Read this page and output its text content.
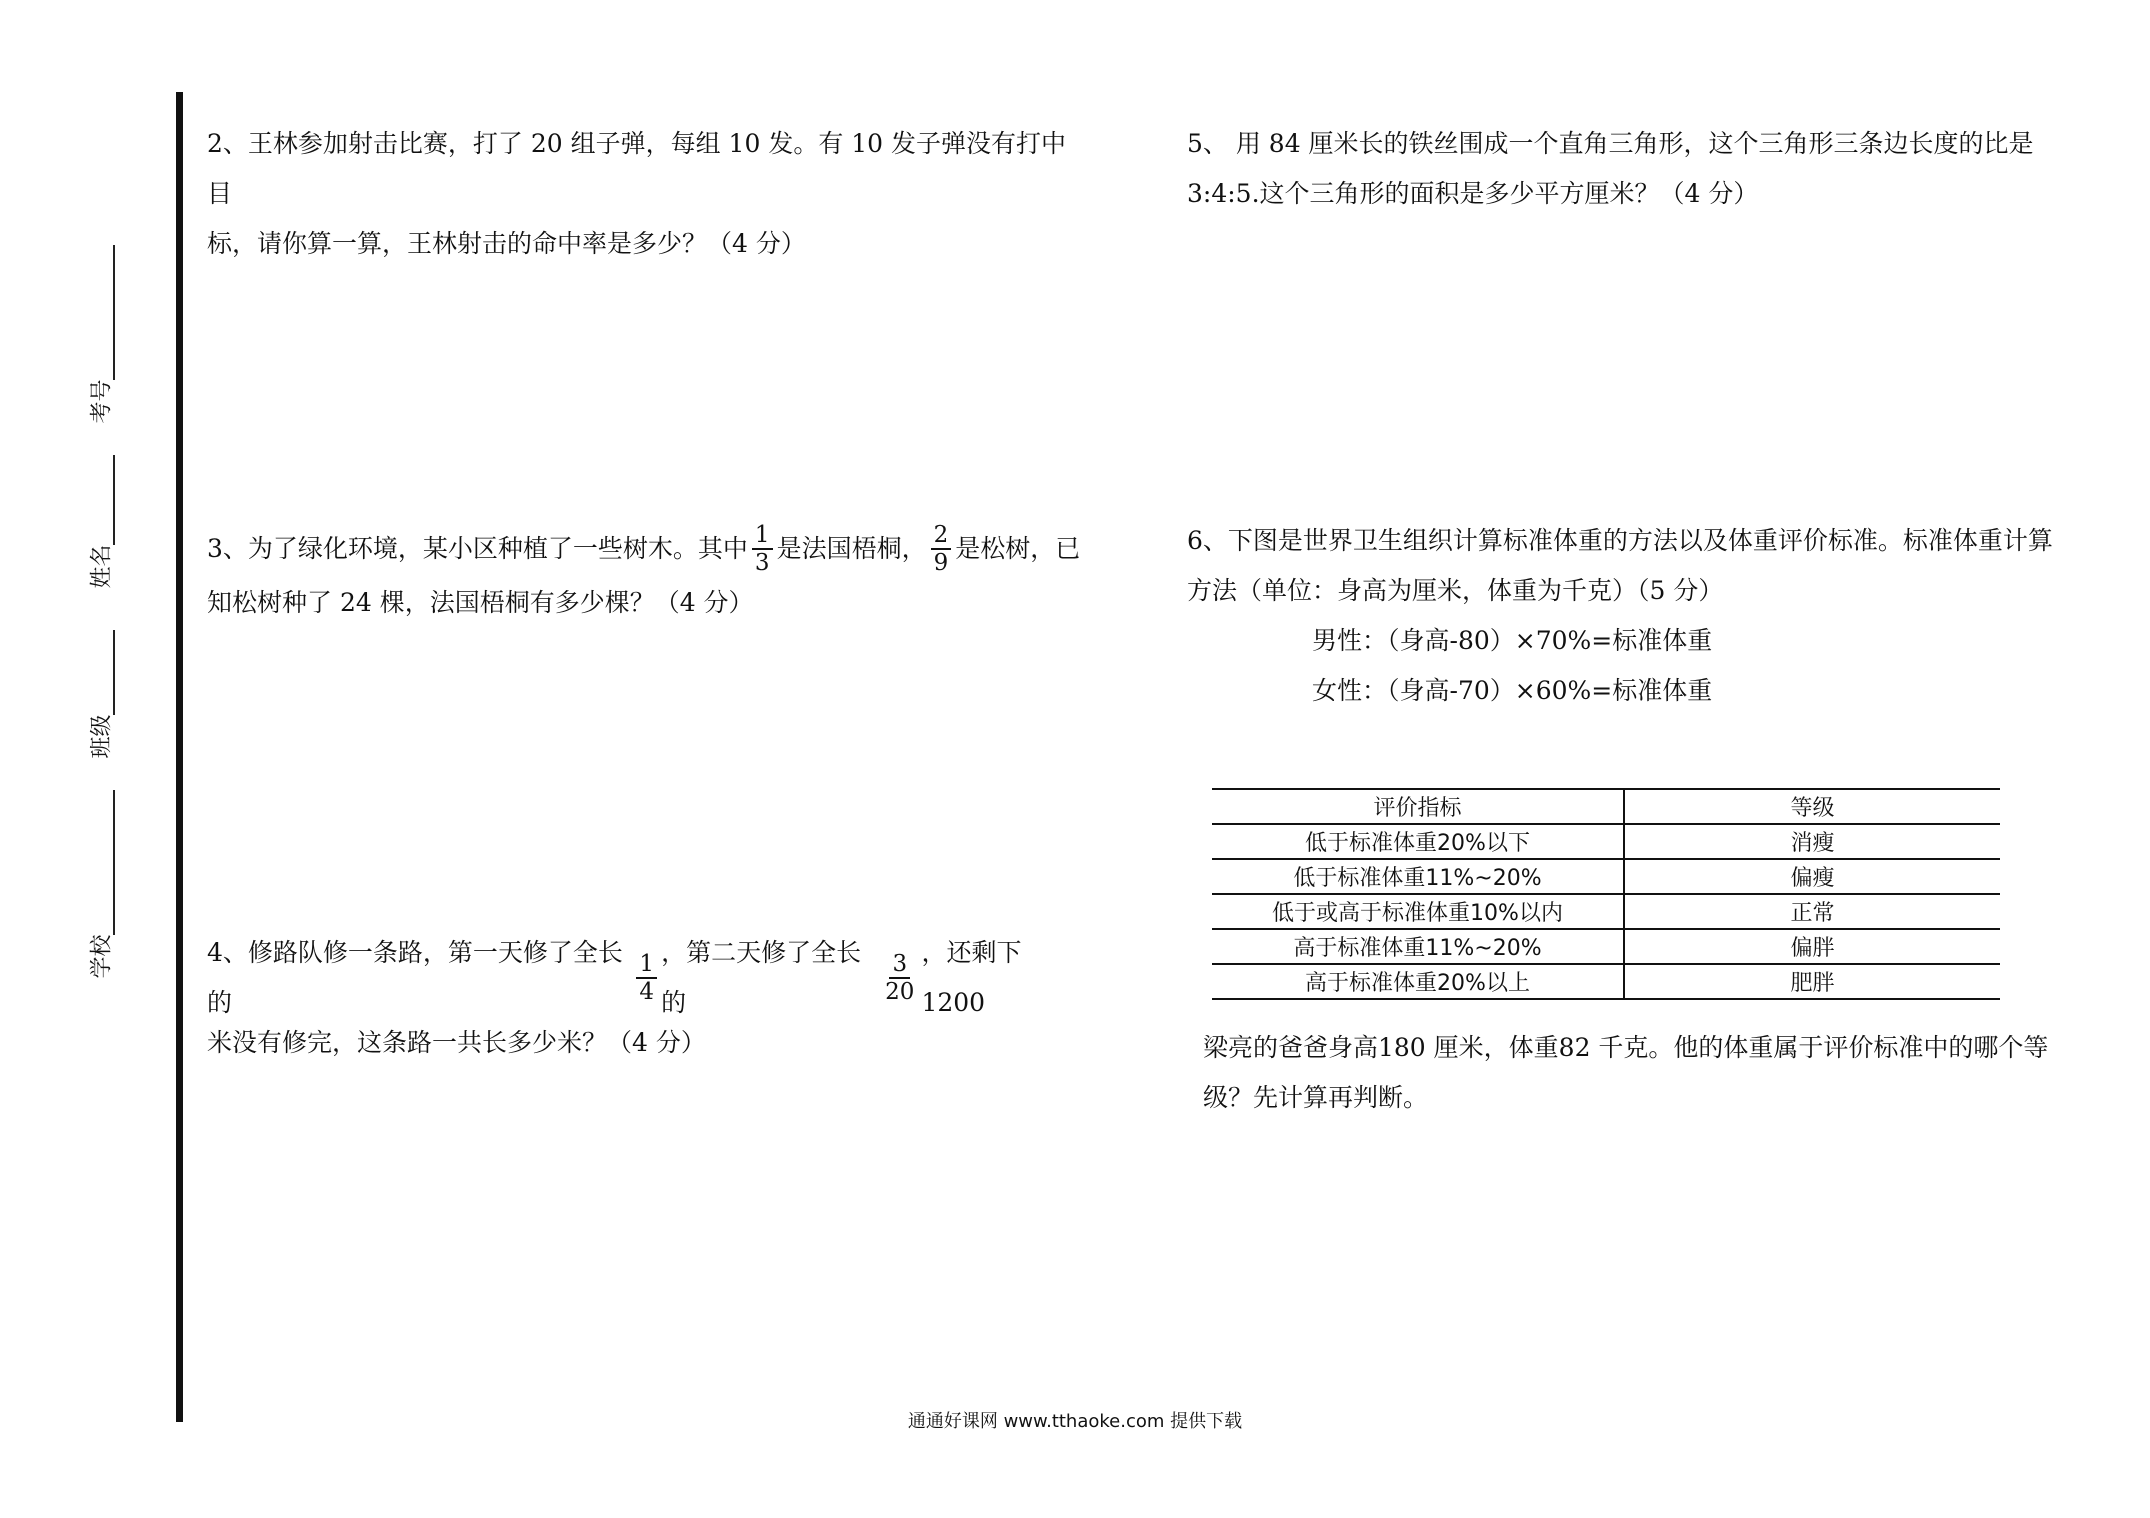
考号
姓名
班级
学校
2、王林参加射击比赛，打了 20 组子弹，每组 10 发。有 10 发子弹没有打中目
标，请你算一算，王林射击的命中率是多少？（4 分）
3、为了绿化环境，某小区种植了一些树木。其中 $\frac{1}{3}$ 是法国梧桐， $\frac{2}{9}$ 是松树，已
知松树种了 24 棵，法国梧桐有多少棵？（4 分）
4、修路队修一条路，第一天修了全长的	$\frac{1}{4}$ ，第二天修了全长的	$\frac{3}{20}$ ，还剩下 1200
米没有修完，这条路一共长多少米？（4 分）
5、 用 84 厘米长的铁丝围成一个直角三角形，这个三角形三条边长度的比是
3:4:5.这个三角形的面积是多少平方厘米？（4 分）
6、下图是世界卫生组织计算标准体重的方法以及体重评价标准。标准体重计算
方法（单位：身高为厘米，体重为千克）（5 分）
男性：（身高-80）×70%=标准体重
女性：（身高-70）×60%=标准体重
评价指标	等级
低于标准体重20%以下	消瘦
低于标准体重11%~20%	偏瘦
低于或高于标准体重10%以内	正常
高于标准体重11%~20%	偏胖
高于标准体重20%以上	肥胖
梁亮的爸爸身高180 厘米，体重82 千克。他的体重属于评价标准中的哪个等
级？先计算再判断。
通通好课网 www.tthaoke.com 提供下载
